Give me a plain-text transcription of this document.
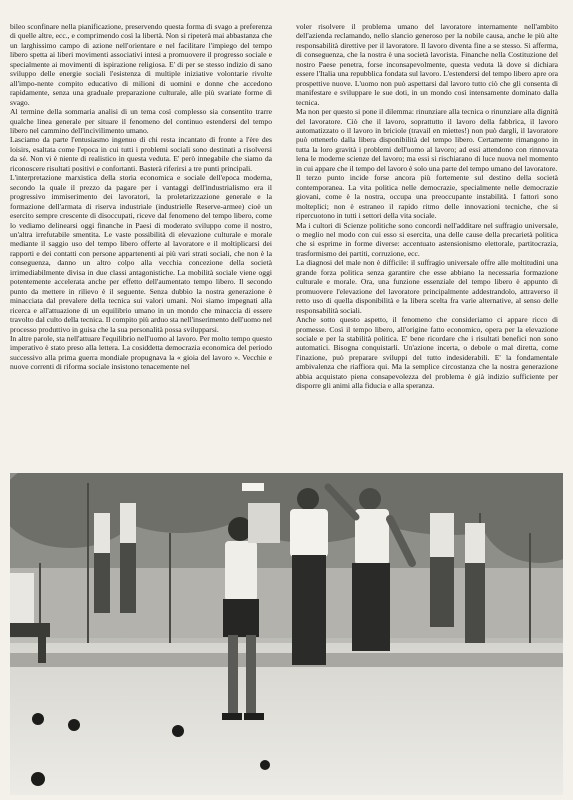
bileo sconfinare nella pianificazione, preservendo questa forma di svago a preferenza di quelle altre, ecc., e comprimendo così la libertà. Non si ripeterà mai abbastanza che un larghissimo campo di azione nell'orientare e nel facilitare l'impiego del tempo libero spetta ai liberi movimenti associativi intesi a promuovere il progresso sociale e specialmente ai movimenti di ispirazione religiosa. E' di per se stesso indizio di sano sviluppo delle energie sociali l'esistenza di multiple iniziative volontarie rivolte all'impo-nente compito educativo di milioni di uomini e donne che accedono rapidamente, senza una graduale preparazione culturale, alle più svariate forme di svago.

Al termine della sommaria analisi di un tema così complesso sia consentito trarre qualche linea generale per situare il fenomeno del continuo estendersi del tempo libero nel cammino dell'incivilimento umano.

Lasciamo da parte l'entusiasmo ingenuo di chi resta incantato di fronte a l'ère des loisirs, esaltata come l'epoca in cui tutti i problemi sociali sono destinati a risolversi da sé. Non vi è niente di realistico in questa veduta. E' però innegabile che siamo da riconoscere risultati positivi e confortanti. Basterà riferirsi a tre punti principali.

L'interpretazione marxistica della storia economica e sociale dell'epoca moderna, secondo la quale il prezzo da pagare per i vantaggi dell'industrialismo era il progressivo immiserimento dei lavoratori, la proletarizzazione generale e la formazione dell'armata di riserva industriale (industrielle Reserve-armee) cioè un esercito sempre crescente di disoccupati, riceve dal fenomeno del tempo libero, come lo vediamo delinearsi oggi finanche in Paesi di moderato sviluppo come il nostro, un'altra irrefutabile smentita. Le vaste possibilità di elevazione culturale e morale mediante il saggio uso del tempo libero offerte al lavoratore e il moltiplicarsi dei rapporti e dei contatti con persone appartenenti ai più vari strati sociali, che non è la conseguenza, danno un altro colpo alla vecchia concezione della società irrimediabilmente divisa in due classi antagonistiche. La mobilità sociale viene oggi potentemente accelerata anche per effetto dell'aumentato tempo libero. Il secondo punto da mettere in rilievo è il seguente. Senza dubbio la nostra generazione è minacciata dal prevalere della tecnica sui valori umani. Noi siamo impegnati alla ricerca e all'attuazione di un equilibrio umano in un mondo che minaccia di essere travolto dal culto della tecnica. Il compito più arduo sta nell'inserimento dell'uomo nel processo produttivo in guisa che la sua personalità possa svilupparsi.

In altre parole, sta nell'attuare l'equilibrio nell'uomo al lavoro. Per molto tempo questo imperativo è stato preso alla lettera. La cosiddetta democrazia economica del periodo successivo alla prima guerra mondiale propugnava la « gioia del lavoro ». Vecchie e nuove correnti di riforma sociale insistono tenacemente nel

voler risolvere il problema umano del lavoratore internamente nell'ambito dell'azienda reclamando, nello slancio generoso per la nobile causa, anche le più alte responsabilità direttive per il lavoratore. Il lavoro diventa fine a se stesso. Si afferma, di conseguenza, che la nostra è una società lavorista. Finanche nella Costituzione del nostro Paese penetra, forse inconsapevolmente, questa veduta là dove si dichiara essere l'Italia una repubblica fondata sul lavoro. L'estendersi del tempo libero apre ora prospettive nuove. L'uomo non può aspettarsi dal lavoro tutto ciò che gli consenta di manifestare e sviluppare le sue doti, in un mondo così intensamente dominato dalla tecnica.

Ma non per questo si pone il dilemma: rinunziare alla tecnica o rinunziare alla dignità del lavoratore. Ciò che il lavoro, soprattutto il lavoro della fabbrica, il lavoro automatizzato o il lavoro in briciole (travail en miettes!) non può dargli, il lavoratore può ottenerlo dalla libera disponibilità del tempo libero. Certamente rimangono in tutta la loro gravità i problemi dell'uomo al lavoro; ad essi attendono con rinnovata lena le moderne scienze del lavoro; ma essi si rischiarano di luce nuova nel momento in cui appare che il tempo del lavoro è solo una parte del tempo umano del lavoratore.

Il terzo punto incide forse ancora più fortemente sul destino della società contemporanea. La vita politica nelle democrazie, specialmente nelle democrazie giovani, come è la nostra, occupa una preoccupante instabilità. I fattori sono molteplici; non è estraneo il rapido ritmo delle innovazioni tecniche, che si ripercuotono in tutti i settori della vita sociale.

Ma i cultori di Scienze politiche sono concordi nell'additare nel suffragio universale, o meglio nel modo con cui esso si esercita, una delle cause della precarietà politica che si esprime in forme diverse: accentuato astensionismo elettorale, partitocrazia, trasformismo dei partiti, corruzione, ecc.

La diagnosi del male non è difficile: il suffragio universale offre alle moltitudini una grande forza politica senza garantire che esse abbiano la necessaria formazione culturale e morale. Ora, una funzione essenziale del tempo libero è appunto di promuovere l'elevazione del lavoratore principalmente addestrandolo, attraverso il retto uso di quella disponibilità e la libera scelta fra varie alternative, al senso delle responsabilità sociali.

Anche sotto questo aspetto, il fenomeno che consideriamo ci appare ricco di promesse. Così il tempo libero, all'origine fatto economico, opera per la elevazione sociale e per la stabilità politica. E' bene ricordare che i risultati benefici non sono automatici. Bisogna conquistarli. Un'azione incerta, o debole o mal diretta, come l'inazione, può preparare sviluppi del tutto indesiderabili. E' la fondamentale ambivalenza che riaffiora qui. Ma la semplice circostanza che la nostra generazione abbia acquistato piena consapevolezza del problema è già indizio sufficiente per disporre gli animi alla fiducia e alla speranza.
